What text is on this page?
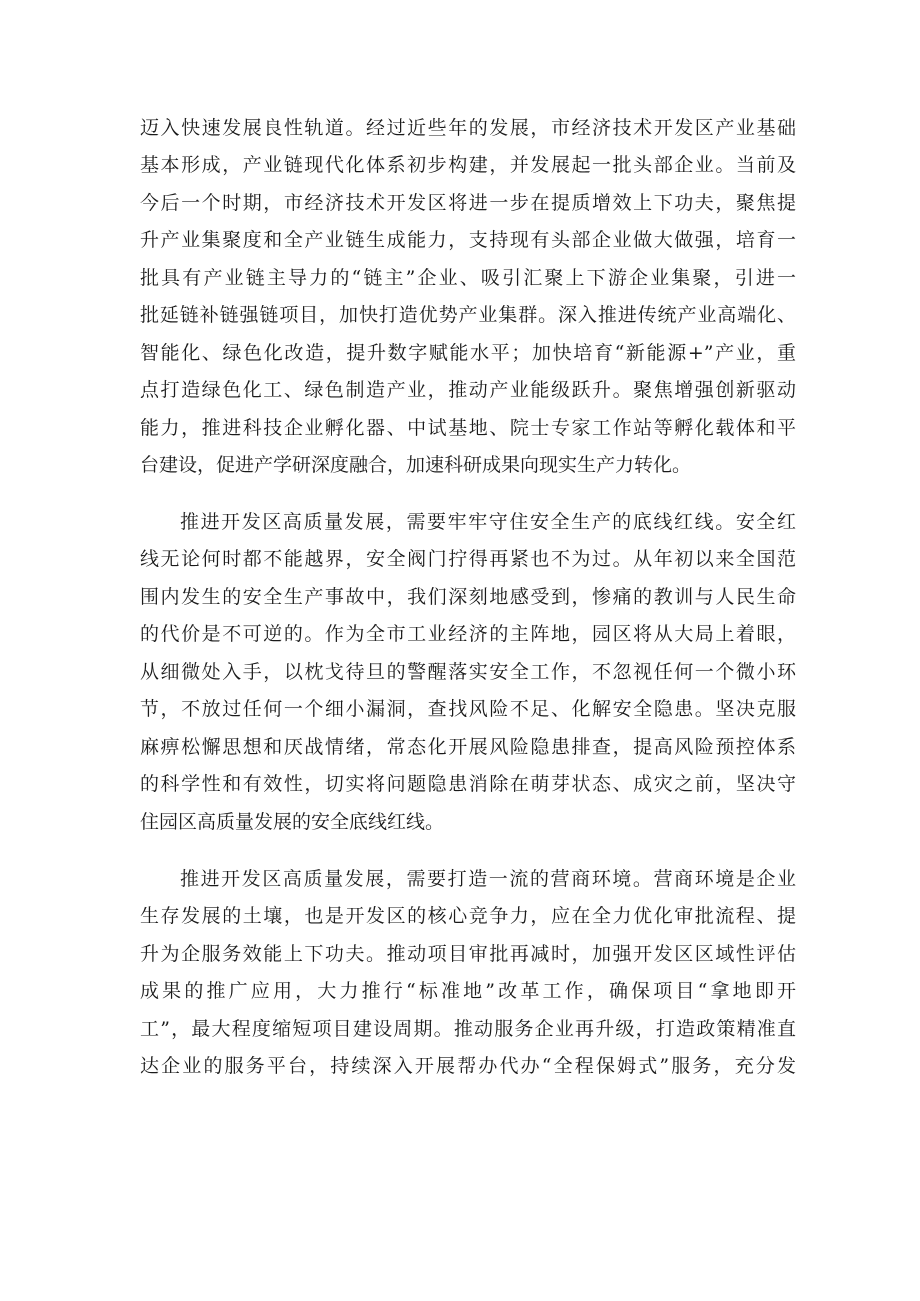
迈入快速发展良性轨道。经过近些年的发展，市经济技术开发区产业基础
基本形成，产业链现代化体系初步构建，并发展起一批头部企业。当前及
今后一个时期，市经济技术开发区将进一步在提质增效上下功夫，聚焦提
升产业集聚度和全产业链生成能力，支持现有头部企业做大做强，培育一
批具有产业链主导力的“链主”企业、吸引汇聚上下游企业集聚，引进一
批延链补链强链项目，加快打造优势产业集群。深入推进传统产业高端化、
智能化、绿色化改造，提升数字赋能水平；加快培育“新能源+”产业，重
点打造绿色化工、绿色制造产业，推动产业能级跃升。聚焦增强创新驱动
能力，推进科技企业孵化器、中试基地、院士专家工作站等孵化载体和平
台建设，促进产学研深度融合，加速科研成果向现实生产力转化。
推进开发区高质量发展，需要牢牢守住安全生产的底线红线。安全红
线无论何时都不能越界，安全阀门拧得再紧也不为过。从年初以来全国范
围内发生的安全生产事故中，我们深刻地感受到，惨痛的教训与人民生命
的代价是不可逆的。作为全市工业经济的主阵地，园区将从大局上着眼，
从细微处入手，以枕戈待旦的警醒落实安全工作，不忽视任何一个微小环
节，不放过任何一个细小漏洞，查找风险不足、化解安全隐患。坚决克服
麻痹松懈思想和厌战情绪，常态化开展风险隐患排查，提高风险预控体系
的科学性和有效性，切实将问题隐患消除在萌芽状态、成灾之前，坚决守
住园区高质量发展的安全底线红线。
推进开发区高质量发展，需要打造一流的营商环境。营商环境是企业
生存发展的土壤，也是开发区的核心竞争力，应在全力优化审批流程、提
升为企服务效能上下功夫。推动项目审批再减时，加强开发区区域性评估
成果的推广应用，大力推行“标准地”改革工作，确保项目“拿地即开
工”，最大程度缩短项目建设周期。推动服务企业再升级，打造政策精准直
达企业的服务平台，持续深入开展帮办代办“全程保姆式”服务，充分发
